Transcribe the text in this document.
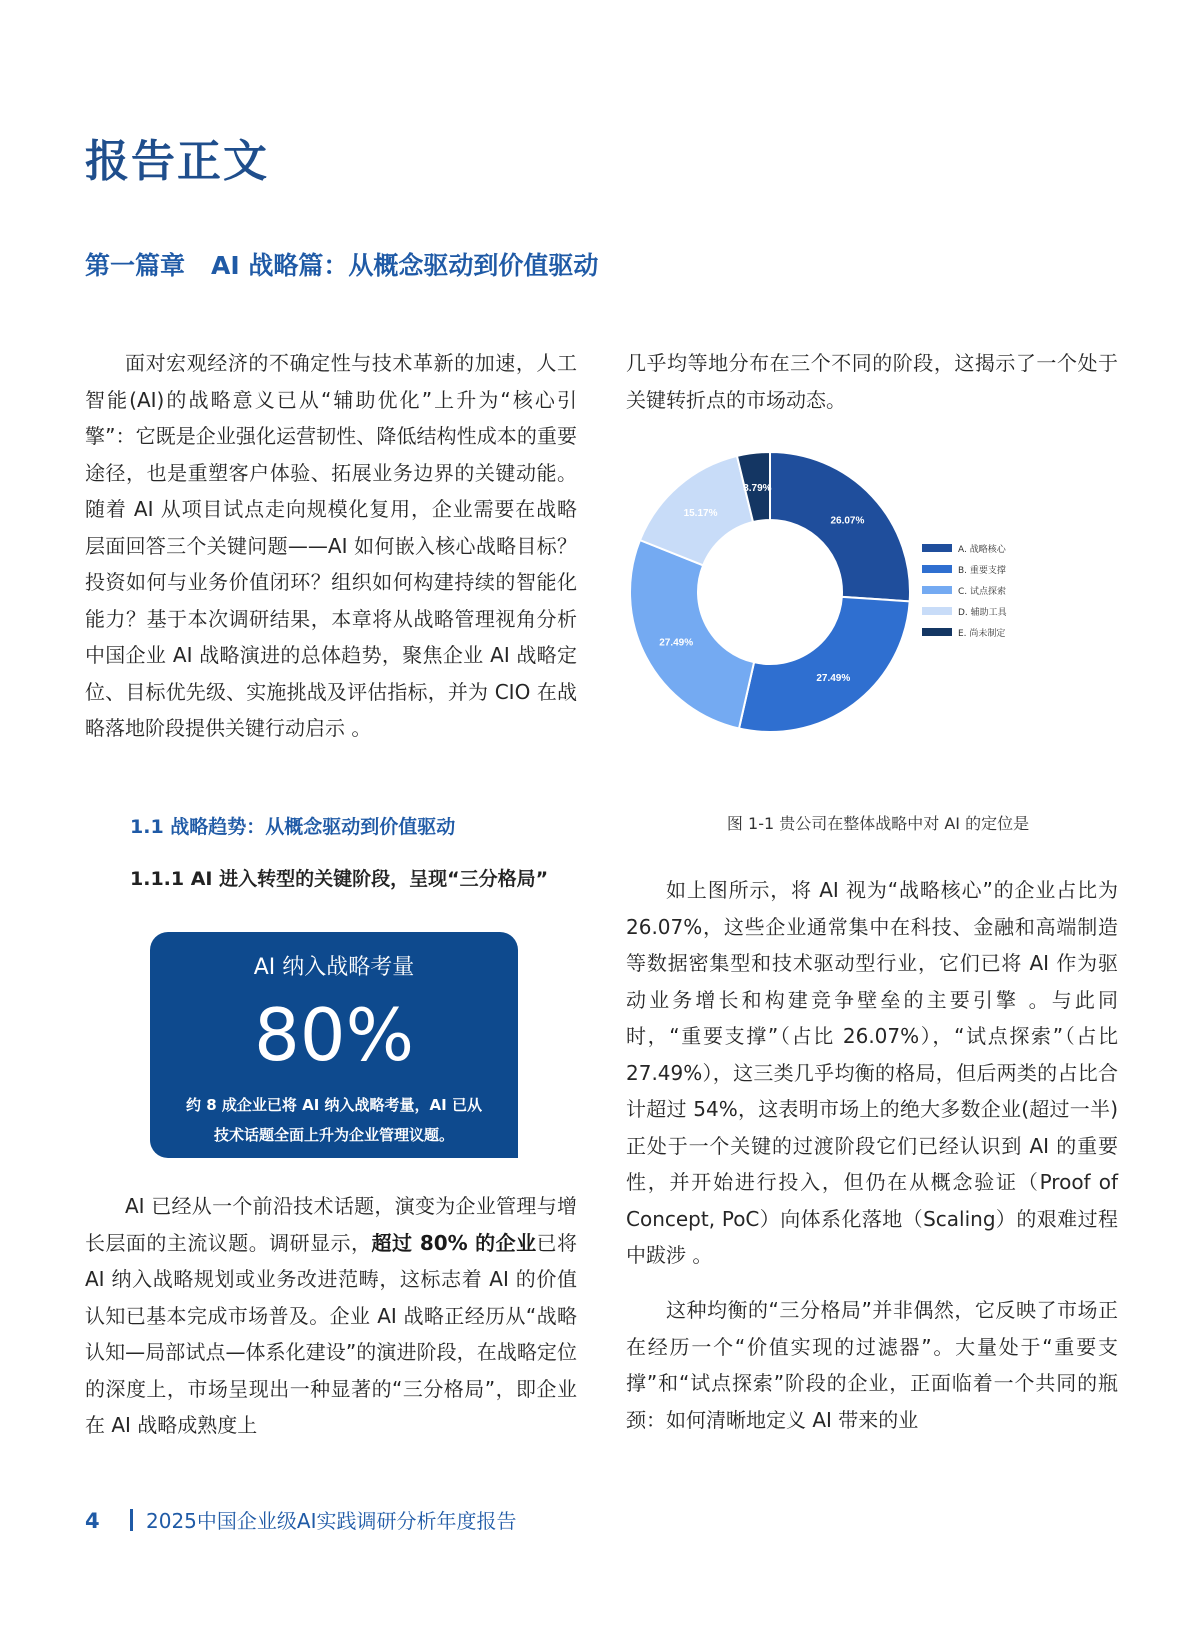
报告正文
第一篇章 AI 战略篇：从概念驱动到价值驱动

面对宏观经济的不确定性与技术革新的加速，人工智能(AI)的战略意义已从“辅助优化”上升为“核心引擎”：它既是企业强化运营韧性、降低结构性成本的重要途径，也是重塑客户体验、拓展业务边界的关键动能。随着 AI 从项目试点走向规模化复用，企业需要在战略层面回答三个关键问题——AI 如何嵌入核心战略目标？投资如何与业务价值闭环？组织如何构建持续的智能化能力？基于本次调研结果，本章将从战略管理视角分析中国企业 AI 战略演进的总体趋势，聚焦企业 AI 战略定位、目标优先级、实施挑战及评估指标，并为 CIO 在战略落地阶段提供关键行动启示 。

1.1 战略趋势：从概念驱动到价值驱动
1.1.1 AI 进入转型的关键阶段，呈现“三分格局”
AI 纳入战略考量
80%
约 8 成企业已将 AI 纳入战略考量，AI 已从
技术话题全面上升为企业管理议题。

AI 已经从一个前沿技术话题，演变为企业管理与增长层面的主流议题。调研显示，超过 80% 的企业已将 AI 纳入战略规划或业务改进范畴，这标志着 AI 的价值认知已基本完成市场普及。企业 AI 战略正经历从“战略认知—局部试点—体系化建设”的演进阶段，在战略定位的深度上，市场呈现出一种显著的“三分格局”，即企业在 AI 战略成熟度上

几乎均等地分布在三个不同的阶段，这揭示了一个处于关键转折点的市场动态。

26.07%
27.49%
27.49%
15.17%
3.79%
A. 战略核心
B. 重要支撑
C. 试点探索
D. 辅助工具
E. 尚未制定
图 1-1 贵公司在整体战略中对 AI 的定位是

如上图所示，将 AI 视为“战略核心”的企业占比为 26.07%，这些企业通常集中在科技、金融和高端制造等数据密集型和技术驱动型行业，它们已将 AI 作为驱动业务增长和构建竞争壁垒的主要引擎 。与此同时，“重要支撑”（占比 26.07%），“试点探索”（占比 27.49%），这三类几乎均衡的格局，但后两类的占比合计超过 54%，这表明市场上的绝大多数企业(超过一半)正处于一个关键的过渡阶段它们已经认识到 AI 的重要性，并开始进行投入，但仍在从概念验证（Proof of Concept, PoC）向体系化落地（Scaling）的艰难过程中跋涉 。

这种均衡的“三分格局”并非偶然，它反映了市场正在经历一个“价值实现的过滤器”。大量处于“重要支撑”和“试点探索”阶段的企业，正面临着一个共同的瓶颈：如何清晰地定义 AI 带来的业

4 2025中国企业级AI实践调研分析年度报告
